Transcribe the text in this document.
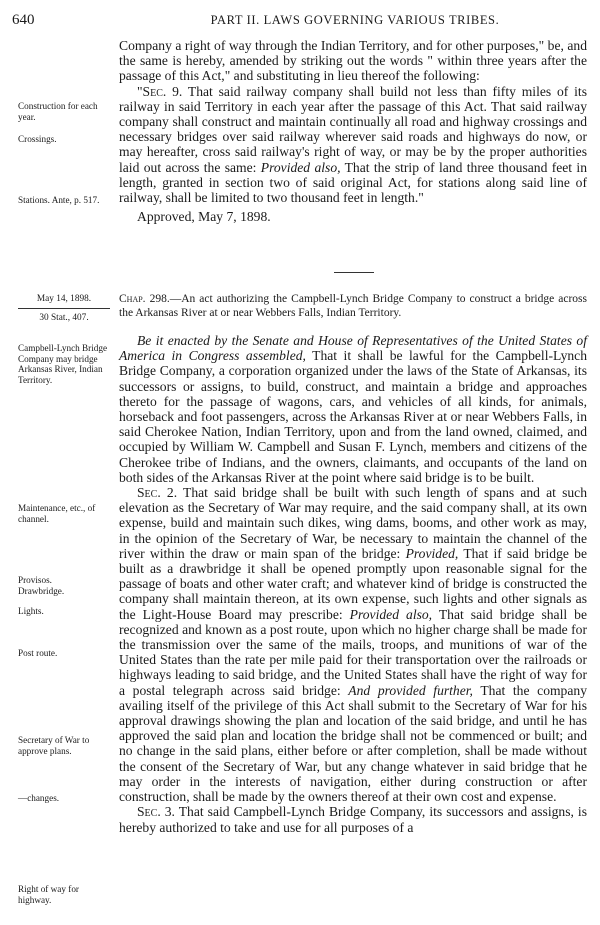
640	PART II. LAWS GOVERNING VARIOUS TRIBES.

Company a right of way through the Indian Territory, and for other purposes," be, and the same is hereby, amended by striking out the words " within three years after the passage of this Act," and substituting in lieu thereof the following:

"Sec. 9. That said railway company shall build not less than fifty miles of its railway in said Territory in each year after the passage of this Act. That said railway company shall construct and maintain continually all road and highway crossings and necessary bridges over said railway wherever said roads and highways do now, or may hereafter, cross said railway's right of way, or may be by the proper authorities laid out across the same: Provided also, That the strip of land three thousand feet in length, granted in section two of said original Act, for stations along said line of railway, shall be limited to two thousand feet in length."

Approved, May 7, 1898.

Construction for each year.
Crossings.
Stations. Ante, p. 517.
May 14, 1898.
30 Stat., 407.
Chap. 298.—An act authorizing the Campbell-Lynch Bridge Company to construct a bridge across the Arkansas River at or near Webbers Falls, Indian Territory.

Be it enacted by the Senate and House of Representatives of the United States of America in Congress assembled, That it shall be lawful for the Campbell-Lynch Bridge Company, a corporation organized under the laws of the State of Arkansas, its successors or assigns, to build, construct, and maintain a bridge and approaches thereto for the passage of wagons, cars, and vehicles of all kinds, for animals, horseback and foot passengers, across the Arkansas River at or near Webbers Falls, in said Cherokee Nation, Indian Territory, upon and from the land owned, claimed, and occupied by William W. Campbell and Susan F. Lynch, members and citizens of the Cherokee tribe of Indians, and the owners, claimants, and occupants of the land on both sides of the Arkansas River at the point where said bridge is to be built.

Sec. 2. That said bridge shall be built with such length of spans and at such elevation as the Secretary of War may require, and the said company shall, at its own expense, build and maintain such dikes, wing dams, booms, and other work as may, in the opinion of the Secretary of War, be necessary to maintain the channel of the river within the draw or main span of the bridge: Provided, That if said bridge be built as a drawbridge it shall be opened promptly upon reasonable signal for the passage of boats and other water craft; and whatever kind of bridge is constructed the company shall maintain thereon, at its own expense, such lights and other signals as the Light-House Board may prescribe: Provided also, That said bridge shall be recognized and known as a post route, upon which no higher charge shall be made for the transmission over the same of the mails, troops, and munitions of war of the United States than the rate per mile paid for their transportation over the railroads or highways leading to said bridge, and the United States shall have the right of way for a postal telegraph across said bridge: And provided further, That the company availing itself of the privilege of this Act shall submit to the Secretary of War for his approval drawings showing the plan and location of the said bridge, and until he has approved the said plan and location the bridge shall not be commenced or built; and no change in the said plans, either before or after completion, shall be made without the consent of the Secretary of War, but any change whatever in said bridge that he may order in the interests of navigation, either during construction or after construction, shall be made by the owners thereof at their own cost and expense.

Sec. 3. That said Campbell-Lynch Bridge Company, its successors and assigns, is hereby authorized to take and use for all purposes of a

Campbell-Lynch Bridge Company may bridge Arkansas River, Indian Territory.
Maintenance, etc., of channel.
Provisos.
Drawbridge.
Lights.
Post route.
Secretary of War to approve plans.
—changes.
Right of way for highway.
